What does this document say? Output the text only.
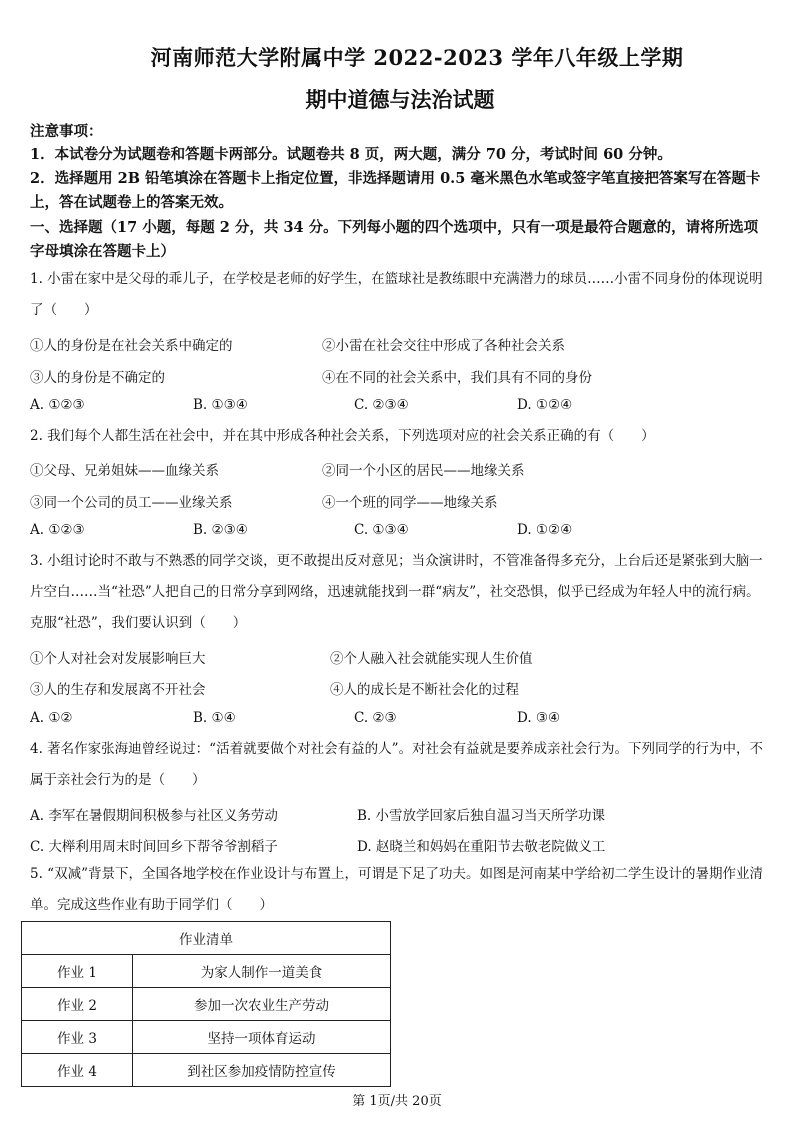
河南师范大学附属中学 2022-2023 学年八年级上学期
期中道德与法治试题
注意事项：
1．本试卷分为试题卷和答题卡两部分。试题卷共 8 页，两大题，满分 70 分，考试时间 60 分钟。
2．选择题用 2B 铅笔填涂在答题卡上指定位置，非选择题请用 0.5 毫米黑色水笔或签字笔直接把答案写在答题卡上，答在试题卷上的答案无效。
一、选择题（17 小题，每题 2 分，共 34 分。下列每小题的四个选项中，只有一项是最符合题意的，请将所选项字母填涂在答题卡上）
1. 小雷在家中是父母的乖儿子，在学校是老师的好学生，在篮球社是教练眼中充满潜力的球员……小雷不同身份的体现说明了（　　）
①人的身份是在社会关系中确定的	②小雷在社会交往中形成了各种社会关系
③人的身份是不确定的	④在不同的社会关系中，我们具有不同的身份
A. ①②③	B. ①③④	C. ②③④	D. ①②④
2. 我们每个人都生活在社会中，并在其中形成各种社会关系，下列选项对应的社会关系正确的有（　　）
①父母、兄弟姐妹——血缘关系	②同一个小区的居民——地缘关系
③同一个公司的员工——业缘关系	④一个班的同学——地缘关系
A. ①②③	B. ②③④	C. ①③④	D. ①②④
3. 小组讨论时不敢与不熟悉的同学交谈，更不敢提出反对意见；当众演讲时，不管准备得多充分，上台后还是紧张到大脑一片空白……当“社恐”人把自己的日常分享到网络，迅速就能找到一群“病友”，社交恐惧，似乎已经成为年轻人中的流行病。克服“社恐”，我们要认识到（　　）
①个人对社会对发展影响巨大	②个人融入社会就能实现人生价值
③人的生存和发展离不开社会	④人的成长是不断社会化的过程
A. ①②	B. ①④	C. ②③	D. ③④
4. 著名作家张海迪曾经说过：“活着就要做个对社会有益的人”。对社会有益就是要养成亲社会行为。下列同学的行为中，不属于亲社会行为的是（　　）
A. 李军在暑假期间积极参与社区义务劳动	B. 小雪放学回家后独自温习当天所学功课
C. 大榉利用周末时间回乡下帮爷爷割稻子	D. 赵晓兰和妈妈在重阳节去敬老院做义工
5. “双减”背景下，全国各地学校在作业设计与布置上，可谓是下足了功夫。如图是河南某中学给初二学生设计的暑期作业清单。完成这些作业有助于同学们（　　）
作业清单	
作业 1	为家人制作一道美食
作业 2	参加一次农业生产劳动
作业 3	坚持一项体育运动
作业 4	到社区参加疫情防控宣传
第 1页/共 20页
